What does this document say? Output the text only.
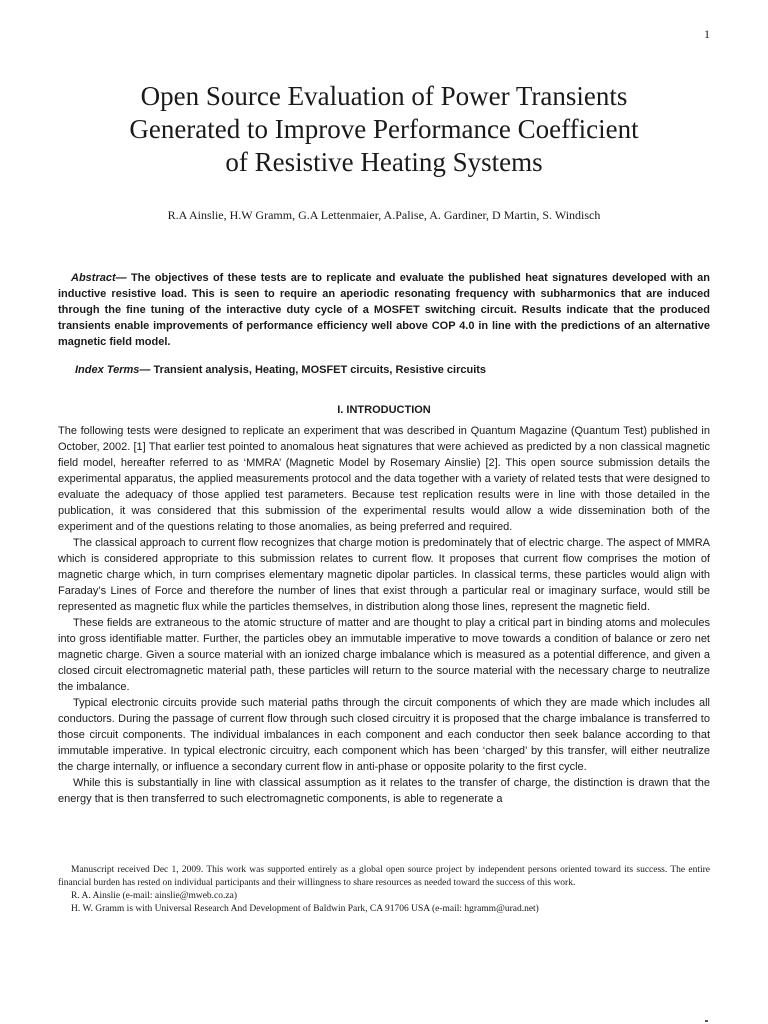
1
Open Source Evaluation of Power Transients
Generated to Improve Performance Coefficient
of Resistive Heating Systems
R.A Ainslie, H.W Gramm, G.A Lettenmaier, A.Palise, A. Gardiner, D Martin, S. Windisch

Abstract— The objectives of these tests are to replicate and evaluate the published heat signatures developed with an inductive resistive load. This is seen to require an aperiodic resonating frequency with subharmonics that are induced through the fine tuning of the interactive duty cycle of a MOSFET switching circuit. Results indicate that the produced transients enable improvements of performance efficiency well above COP 4.0 in line with the predictions of an alternative magnetic field model.

Index Terms— Transient analysis, Heating, MOSFET circuits, Resistive circuits

I. INTRODUCTION

The following tests were designed to replicate an experiment that was described in Quantum Magazine (Quantum Test) published in October, 2002. [1] That earlier test pointed to anomalous heat signatures that were achieved as predicted by a non classical magnetic field model, hereafter referred to as ‘MMRA’ (Magnetic Model by Rosemary Ainslie) [2]. This open source submission details the experimental apparatus, the applied measurements protocol and the data together with a variety of related tests that were designed to evaluate the adequacy of those applied test parameters. Because test replication results were in line with those detailed in the publication, it was considered that this submission of the experimental results would allow a wide dissemination both of the experiment and of the questions relating to those anomalies, as being preferred and required.

The classical approach to current flow recognizes that charge motion is predominately that of electric charge. The aspect of MMRA which is considered appropriate to this submission relates to current flow. It proposes that current flow comprises the motion of magnetic charge which, in turn comprises elementary magnetic dipolar particles. In classical terms, these particles would align with Faraday’s Lines of Force and therefore the number of lines that exist through a particular real or imaginary surface, would still be represented as magnetic flux while the particles themselves, in distribution along those lines, represent the magnetic field.

These fields are extraneous to the atomic structure of matter and are thought to play a critical part in binding atoms and molecules into gross identifiable matter. Further, the particles obey an immutable imperative to move towards a condition of balance or zero net magnetic charge. Given a source material with an ionized charge imbalance which is measured as a potential difference, and given a closed circuit electromagnetic material path, these particles will return to the source material with the necessary charge to neutralize the imbalance.

Typical electronic circuits provide such material paths through the circuit components of which they are made which includes all conductors. During the passage of current flow through such closed circuitry it is proposed that the charge imbalance is transferred to those circuit components. The individual imbalances in each component and each conductor then seek balance according to that immutable imperative. In typical electronic circuitry, each component which has been ‘charged’ by this transfer, will either neutralize the charge internally, or influence a secondary current flow in anti-phase or opposite polarity to the first cycle.

While this is substantially in line with classical assumption as it relates to the transfer of charge, the distinction is drawn that the energy that is then transferred to such electromagnetic components, is able to regenerate a

Manuscript received Dec 1, 2009. This work was supported entirely as a global open source project by independent persons oriented toward its success. The entire financial burden has rested on individual participants and their willingness to share resources as needed toward the success of this work.

R. A. Ainslie (e-mail: ainslie@mweb.co.za)

H. W. Gramm is with Universal Research And Development of Baldwin Park, CA 91706 USA (e-mail: hgramm@urad.net)
